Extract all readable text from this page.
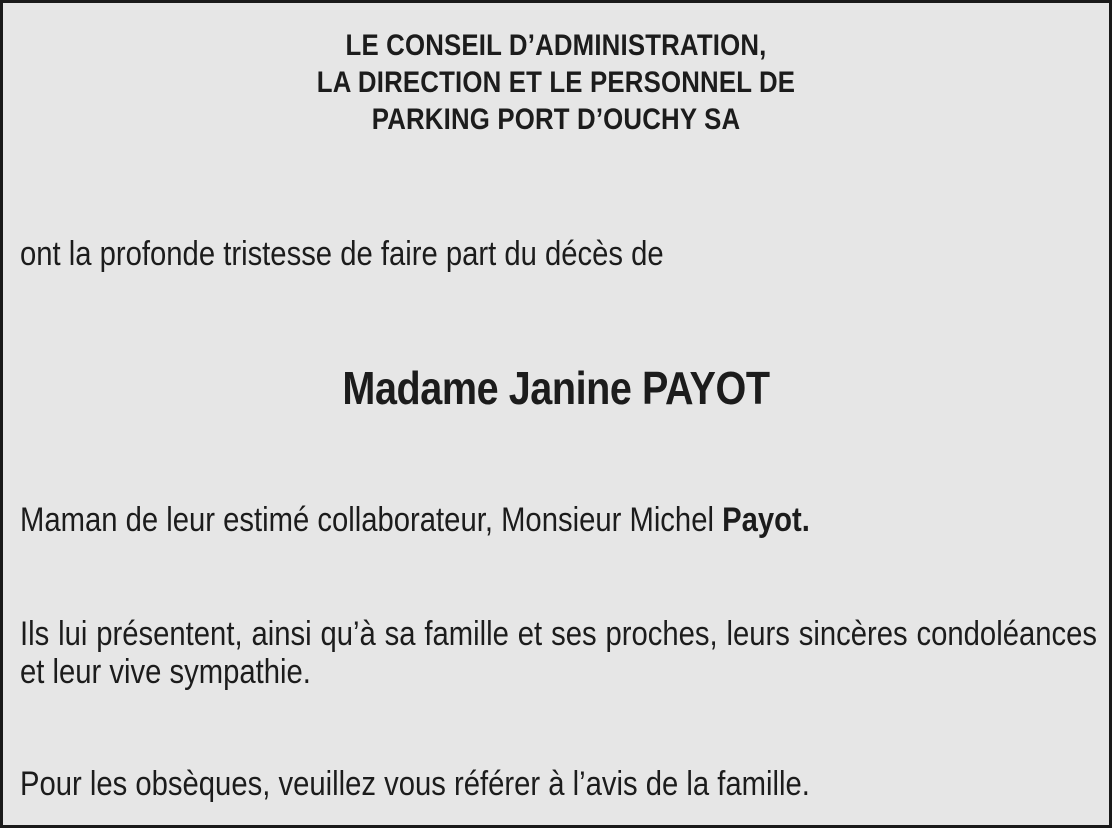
LE CONSEIL D’ADMINISTRATION,
LA DIRECTION ET LE PERSONNEL DE
PARKING PORT D’OUCHY SA
ont la profonde tristesse de faire part du décès de
Madame Janine PAYOT
Maman de leur estimé collaborateur, Monsieur Michel Payot.
Ils lui présentent, ainsi qu’à sa famille et ses proches, leurs sincères condoléances et leur vive sympathie.
Pour les obsèques, veuillez vous référer à l’avis de la famille.
